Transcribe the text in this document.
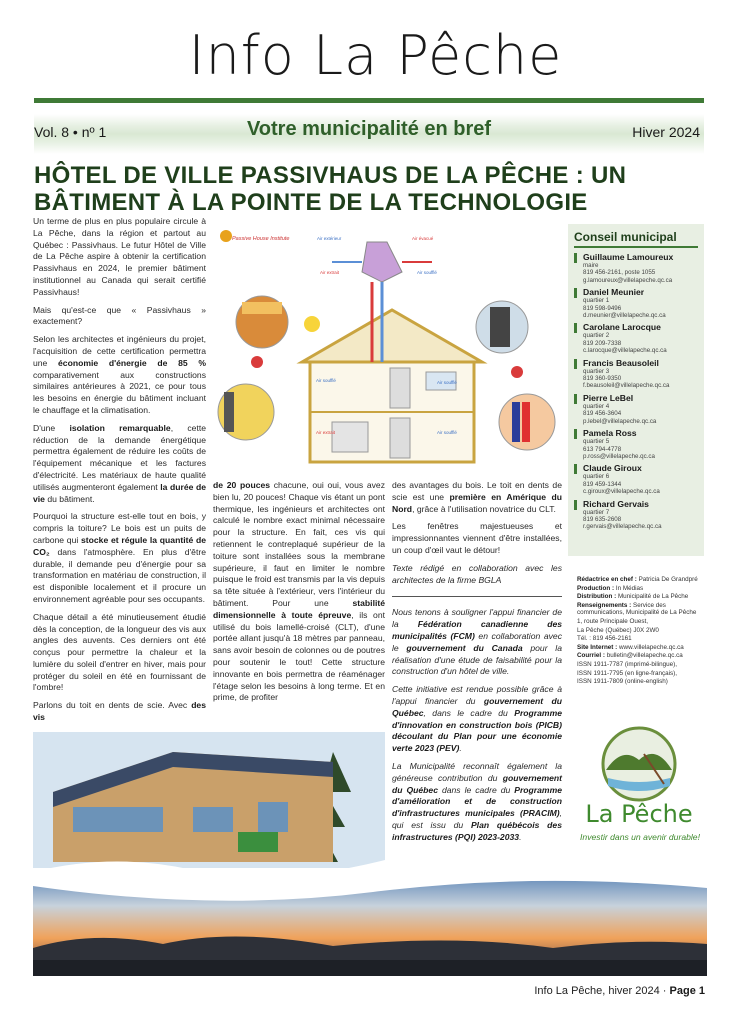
Info La Pêche
Vol. 8 • nº 1	Votre municipalité en bref	Hiver 2024
HÔTEL DE VILLE PASSIVHAUS DE LA PÊCHE : UN BÂTIMENT À LA POINTE DE LA TECHNOLOGIE

Un terme de plus en plus populaire circule à La Pêche, dans la région et partout au Québec : Passivhaus. Le futur Hôtel de Ville de La Pêche aspire à obtenir la certification Passivhaus en 2024, le premier bâtiment institutionnel au Canada qui serait certifié Passivhaus!

Mais qu'est-ce que « Passivhaus » exactement?

Selon les architectes et ingénieurs du projet, l'acquisition de cette certification permettra une économie d'énergie de 85 % comparativement aux constructions similaires antérieures à 2021, ce pour tous les besoins en énergie du bâtiment incluant le chauffage et la climatisation.

D'une isolation remarquable, cette réduction de la demande énergétique permettra également de réduire les coûts de l'équipement mécanique et les factures d'électricité. Les matériaux de haute qualité utilisés augmenteront également la durée de vie du bâtiment.

Pourquoi la structure est-elle tout en bois, y compris la toiture? Le bois est un puits de carbone qui stocke et régule la quantité de CO₂ dans l'atmosphère. En plus d'être durable, il demande peu d'énergie pour sa transformation en matériau de construction, il est disponible localement et il procure un environnement agréable pour ses occupants.

Chaque détail a été minutieusement étudié dès la conception, de la longueur des vis aux angles des auvents. Ces derniers ont été conçus pour permettre la chaleur et la lumière du soleil d'entrer en hiver, mais pour protéger du soleil en été en fournissant de l'ombre!

Parlons du toit en dents de scie. Avec des vis

Passive House Institute	Air extérieur	Air évacué
Air extrait	Air soufflé
Air soufflé	Air soufflé
Air extrait	Air soufflé

de 20 pouces chacune, oui oui, vous avez bien lu, 20 pouces! Chaque vis étant un pont thermique, les ingénieurs et architectes ont calculé le nombre exact minimal nécessaire pour la structure. En fait, ces vis qui retiennent le contreplaqué supérieur de la toiture sont installées sous la membrane supérieure, il faut en limiter le nombre puisque le froid est transmis par la vis depuis sa tête située à l'extérieur, vers l'intérieur du bâtiment. Pour une stabilité dimensionnelle à toute épreuve, ils ont utilisé du bois lamellé-croisé (CLT), d'une portée allant jusqu'à 18 mètres par panneau, sans avoir besoin de colonnes ou de poutres pour soutenir le tout! Cette structure innovante en bois permettra de réaménager l'étage selon les besoins à long terme. Et en prime, de profiter

des avantages du bois. Le toit en dents de scie est une première en Amérique du Nord, grâce à l'utilisation novatrice du CLT.

Les fenêtres majestueuses et impressionnantes viennent d'être installées, un coup d'œil vaut le détour!

Texte rédigé en collaboration avec les architectes de la firme BGLA

Nous tenons à souligner l'appui financier de la Fédération canadienne des municipalités (FCM) en collaboration avec le gouvernement du Canada pour la réalisation d'une étude de faisabilité pour la construction d'un hôtel de ville.

Cette initiative est rendue possible grâce à l'appui financier du gouvernement du Québec, dans le cadre du Programme d'innovation en construction bois (PICB) découlant du Plan pour une économie verte 2023 (PEV).

La Municipalité reconnaît également la généreuse contribution du gouvernement du Québec dans le cadre du Programme d'amélioration et de construction d'infrastructures municipales (PRACIM), qui est issu du Plan québécois des infrastructures (PQI) 2023-2033.

Conseil municipal
Guillaume Lamoureux
maire
819 456-2161, poste 1055
g.lamoureux@villelapeche.qc.ca
Daniel Meunier
quartier 1
819 598-9496
d.meunier@villelapeche.qc.ca
Carolane Larocque
quartier 2
819 209-7338
c.larocque@villelapeche.qc.ca
Francis Beausoleil
quartier 3
819 360-9350
f.beausoleil@villelapeche.qc.ca
Pierre LeBel
quartier 4
819 456-3604
p.lebel@villelapeche.qc.ca
Pamela Ross
quartier 5
613 794-4778
p.ross@villelapeche.qc.ca
Claude Giroux
quartier 6
819 459-1344
c.giroux@villelapeche.qc.ca
Richard Gervais
quartier 7
819 635-2608
r.gervais@villelapeche.qc.ca

Rédactrice en chef : Patricia De Grandpré

Production : In Médias

Distribution : Municipalité de La Pêche

Renseignements : Service des communications, Municipalité de La Pêche

1, route Principale Ouest,

La Pêche (Québec) J0X 2W0

Tél. : 819 456-2161

Site Internet : www.villelapeche.qc.ca

Courriel : bulletin@villelapeche.qc.ca

ISSN 1911-7787 (imprimé-bilingue),

ISSN 1911-7795 (en ligne-français),

ISSN 1911-7809 (online-english)

La Pêche
Investir dans un avenir durable!
Info La Pêche, hiver 2024 · Page 1
